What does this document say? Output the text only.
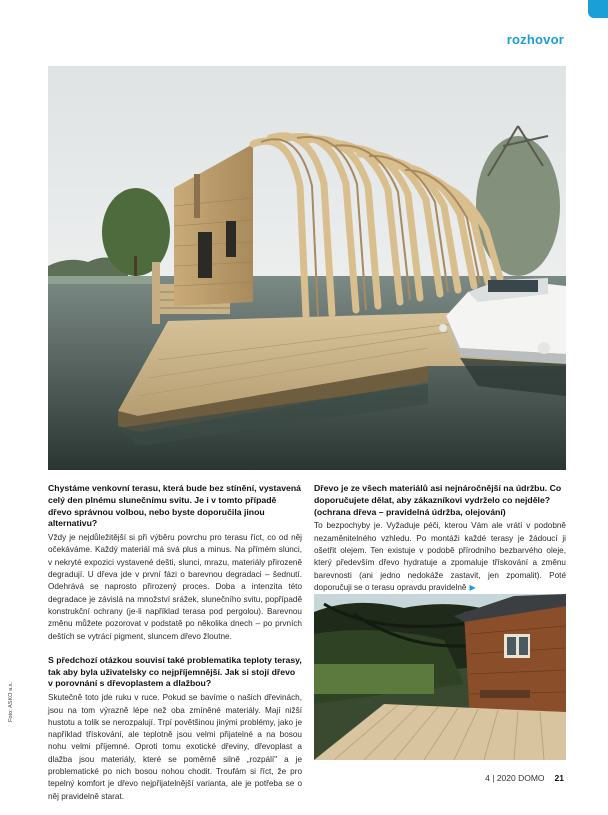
rozhovor

Chystáme venkovní terasu, která bude bez stínění, vystavená celý den plnému slunečnímu svitu. Je i v tomto případě dřevo správnou volbou, nebo byste doporučila jinou alternativu?

Vždy je nejdůležitější si při výběru povrchu pro terasu říct, co od něj očekáváme. Každý materiál má svá plus a minus. Na přímém slunci, v nekryté expozici vystavené dešti, slunci, mrazu, materiály přirozeně degradují. U dřeva jde v první fázi o barevnou degradaci – šednutí. Odehrává se naprosto přirozený proces. Doba a intenzita této degradace je závislá na množství srážek, slunečního svitu, popřípadě konstrukční ochrany (je-li například terasa pod pergolou). Barevnou změnu můžete pozorovat v podstatě po několika dnech – po prvních deštích se vytrácí pigment, sluncem dřevo žloutne.

S předchozí otázkou souvisí také problematika teploty terasy, tak aby byla uživatelsky co nejpříjemnější. Jak si stojí dřevo v porovnání s dřevoplastem a dlažbou?

Skutečně toto jde ruku v ruce. Pokud se bavíme o našich dřevinách, jsou na tom výrazně lépe než oba zmíněné materiály. Mají nižší hustotu a tolik se nerozpalují. Trpí povětšinou jinými problémy, jako je například třískování, ale teplotně jsou velmi přijatelné a na bosou nohu velmi příjemné. Oproti tomu exotické dřeviny, dřevoplast a dlažba jsou materiály, které se poměrně silně „rozpálí" a je problematické po nich bosou nohou chodit. Troufám si říct, že pro tepelný komfort je dřevo nejpřijatelnější varianta, ale je potřeba se o něj pravidelně starat.

Dřevo je ze všech materiálů asi nejnáročnější na údržbu. Co doporučujete dělat, aby zákazníkovi vydrželo co nejděle?
(ochrana dřeva – pravidelná údržba, olejování)

To bezpochyby je. Vyžaduje péči, kterou Vám ale vrátí v podobně nezaměnitelného vzhledu. Po montáži každé terasy je žádoucí ji ošetřit olejem. Ten existuje v podobě přírodního bezbarvého oleje, který především dřevo hydratuje a zpomaluje třískování a změnu barevnosti (ani jedno nedokáže zastavit, jen zpomalit). Poté doporučuji se o terasu opravdu pravidelně ▶

Foto: ASKO a.s.
4 | 2020 DOMO 21
